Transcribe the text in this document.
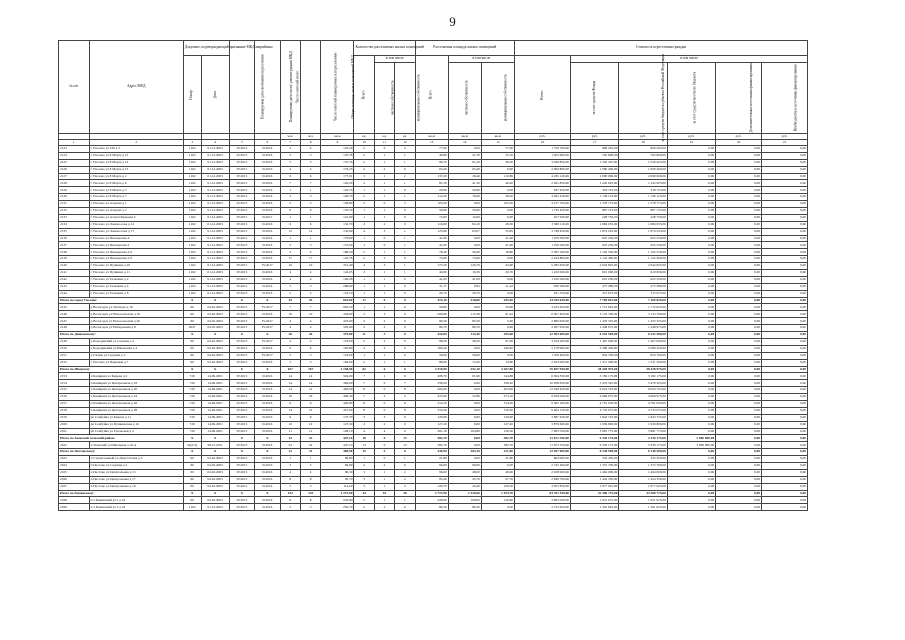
9
№ п/п	Адрес МКД	Документ, подтверждающий признание МКД аварийным		Планируемая дата окончания переселения	Планируемая дата сноса/ реконструкции МКД	Число жителей всего	Число жителей планируемых к переселению	Общая площадь жилых помещений МКД	Количество расселяемых жилых помещений			Расселяемая площадь жилых помещений			Стоимость переселения граждан					
		Номер	Дата						Всего	в том числе		Всего	в том числе		Всего:	в том числе				
										частная собственность	муниципальная собственность		частная собственность	муниципальная собственность		за счет средств Фонда	за счет средств бюджета субъекта Российской Федерации	за счет средств местного бюджета	Дополнительные источники финансирования	Внебюджетные источники финансирования
						чел.	чел.	кв.м	ед.	ед.	ед.	кв.м	кв.м	кв.м	руб.	руб.	руб.	руб.	руб.	руб.
1	2	3	4	5	6	7	8	9	10	11	12	13	14	15	16	17	18	19	20	21
2123	г Ухолово ул 230 в 3	1162	01.12.2003	IV.2015	II.2016	4	4	125,20	2	0	2	77,00	0,00	77,00	1 756 700,00	869 295,00	869 295,00	0,00	0,00	0,00
2124	г Ухолово ул 8 Марта д 15	1163	01.12.2003	IV.2015	II.2016	3	3	125,78	2	1	1	46,80	21,70	25,10	1 405 600,00	702 800,00	702 800,00	0,00	0,00	0,00
2125	г Ухолово ул 8 Марта д 12	1162	01.12.2003	IV.2015	II.2016	5	5	137,76	2	1	1	99,70	61,20	38,50	3 040 850,00	1 520 425,00	1 520 425,00	0,00	0,00	0,00
2126	г Ухолово ул 8 Марта д 13	1162	01.12.2003	IV.2015	II.2016	4	4	133,25	2	2	0	63,40	63,40	0,00	2 000 800,00	1 000 400,00	1 000 400,00	0,00	0,00	0,00
2127	г Ухолово ул 8 Марта д 2	1162	01.12.2003	IV.2015	II.2016	6	6	177,01	3	1	2	137,20	26,40	110,80	4 180 120,00	2 090 060,00	2 090 060,00	0,00	0,00	0,00
2128	г Ухолово ул 8 Марта д 6	1162	01.12.2003	IV.2015	II.2016	7	7	120,20	2	1	1	81,50	41,30	40,20	2 491 850,00	1 245 925,00	1 245 925,00	0,00	0,00	0,00
2129	г Ухолово ул 8 Марта д 5	1162	01.12.2003	IV.2015	II.2016	1	1	122,70	1	1	0	20,90	20,90	0,00	637 450,00	318 725,00	318 725,00	0,00	0,00	0,00
2130	г Ухолово ул 8 Марта д 7	1162	01.12.2003	IV.2015	II.2016	3	3	126,70	2	1	1	114,20	76,00	38,20	3 492 250,00	1 746 125,00	1 746 125,00	0,00	0,00	0,00
2131	г Ухолово ул Азарова д 1	1162	01.12.2003	IV.2015	II.2016	5	5	128,80	3	0	3	105,20	0,00	105,20	3 157 550,00	1 578 775,00	1 578 775,00	0,00	0,00	0,00
2132	г Ухолово ул Азарова д 2	1162	01.12.2003	IV.2015	II.2016	6	6	132,50	1	1	0	56,90	56,90	0,00	1 735 450,00	867 725,00	867 725,00	0,00	0,00	0,00
2133	г Ухолово ул Аллея Парковая 2	1162	01.12.2003	IV.2015	II.2017	1	1	121,00	1	1	0	15,00	15,00	0,00	457 500,00	228 750,00	228 750,00	0,00	0,00	0,00
2134	г Ухолово ул Ломоносова д 12	1162	01.12.2003	IV.2015	II.2016	6	6	132,70	2	2	0	110,60	84,10	26,50	3 368 110,00	1 684 055,00	1 684 055,00	0,00	0,00	0,00
2135	г Ухолово ул Ломоносова д 17	1162	01.12.2003	IV.2015	II.2016	12	12	132,90	4	3	1	125,90	63,07	55,85	3 748 450,00	1 874 225,00	1 874 225,00	0,00	0,00	0,00
2136	г Ухолово ул Пионерская 4	1162	01.12.2003	IV.2015	II.2016	1	1	179,60	1	0	1	41,00	0,00	41,00	1 250 500,00	625 250,00	625 250,00	0,00	0,00	0,00
2137	г Ухолово ул Пионерская 2	1162	01.12.2003	IV.2015	II.2016	3	3	131,00	1	0	1	41,00	0,00	41,00	1 250 500,00	625 250,00	625 250,00	0,00	0,00	0,00
2138	г Ухолово ул Пионерская д 6	1162	01.12.2003	IV.2015	II.2016	4	4	168,20	2	1	1	78,20	59,40	18,80	2 385 100,00	1 192 550,00	1 192 550,00	0,00	0,00	0,00
2139	г Ухолово ул Пионерская д 8	1162	01.12.2003	IV.2015	II.2016	17	17	122,78	2	2	0	73,60	73,60	0,00	2 244 800,00	1 122 400,00	1 122 400,00	0,00	0,00	0,00
2140	г Ухолово ул Пушкина д 20	1162	01.12.2003	IV.2015	IV.2017	10	10	451,40	4	3	1	173,30	129,70	43,60	5 285 650,00	2 642 825,00	2 642 825,00	0,00	0,00	0,00
2141	г Ухолово ул Пушкина д 11	1162	01.12.2003	IV.2015	II.2016	4	4	142,05	2	1	1	40,00	19,30	20,70	1 220 000,00	610 000,00	610 000,00	0,00	0,00	0,00
2142	г Ухолово ул Тельмана д 2	1162	01.12.2003	IV.2015	II.2016	4	4	126,28	1	1	0	41,00	41,00	0,00	1 250 500,00	625 250,00	625 250,00	0,00	0,00	0,00
2143	г Ухолово ул Тельмана д 4	1162	01.12.2003	IV.2015	II.2016	3	3	296,60	1	1	0	31,17	9,95	21,22	950 560,00	475 280,00	475 280,00	0,00	0,00	0,00
2144	г Ухолово ул Тельмана д 8	1162	01.12.2003	IV.2015	II.2016	2	2	125,10	1	1	0	20,70	20,70	0,00	631 350,00	315 675,00	315 675,00	0,00	0,00	0,00
Итого по город Ухолово:		X	X	X	X	35	35	823,60	17	0	0	474,10	218,60	255,50	14 355 030,00	7 769 815,00	7 169 825,00	0,00	0,00	0,00
2145	р Вологодск ул Заговора д 16	60	04.02.2003	IV.2015	IV.2017	7	7	903,20	1	1	0	50,80	0,00	50,80	3 425 650,00	1 712 825,00	1 712 825,00	0,00	0,00	0,00
2146	р Вологодск ул Новосельская д 16	60	04.02.2003	IV.2015	II.2016	10	10	434,60	3	3	0	206,80	115,38	91,42	6 307 400,00	3 153 700,00	3 153 700,00	0,00	0,00	0,00
2147	р Вологодск ул Новосельская д 20	60	04.02.2003	IV.2015	IV.2017	4	4	423,00	2	2	0	90,30	85,30	5,00	2 866 650,00	1 433 325,00	1 433 325,00	0,00	0,00	0,00
2148	р Вологодск ул Набережная д 8	2047	04.10.2003	IV.2015	IV.2017	4	4	505,90	2	2	0	80,70	80,70	0,00	2 497 950,00	1 248 975,00	1 248 975,00	0,00	0,00	0,00
Итого по Данковскому:		X	X	X	X	20	20	375,80	11	3	0	410,00	114,40	295,60	12 505 000,00	6 252 500,00	6 252 500,00	0,00	0,00	0,00
2149	р Бородинский ул Садовая д 2	60	04.02.2003	IV.2015	IV.2017	4	4	123,00	2	2	0	98,20	28,20	67,00	3 034 200,00	1 467 000,00	1 467 000,00	0,00	0,00	0,00
2150	р Бородинский ул Школьная д 4	60	04.02.2003	IV.2015	II.2016	6	6	165,80	4	4	0	169,40	0,00	169,40	5 178 900,00	2 589 450,00	2 589 450,00	0,00	0,00	0,00
2151	р Гагино ул Садовая д 3	60	04.02.2003	IV.2015	IV.2017	3	3	123,00	1	1	0	56,00	56,00	0,00	1 709 400,00	854 700,00	854 700,00	0,00	0,00	0,00
2152	г Ухолово ул Парковая д 7	60	04.02.2003	IV.2015	II.2016	3	3	194,00	2	1	1	86,00	72,20	13,80	2 623 000,00	1 311 500,00	1 311 500,00	0,00	0,00	0,00
Итого по Шацкому:		X	X	X	X	167	167	2 158,90	62	6	0	2 519,90	252,10	2 267,80	76 857 950,00	38 428 975,00	38 428 975,00	0,00	0,00	0,00
2153	п Каширин ул Кирова д 2	720	14.09.2001	IV.2015	II.2016	14	14	324,00	7	1	6	208,70	61,90	144,80	6 364 350,00	3 182 175,00	3 182 175,00	0,00	0,00	0,00
2154	п Каширин ул Центральная д 18	720	14.09.2001	IV.2015	II.2016	14	14	384,00	7	0	7	358,20	0,00	358,20	10 958 650,00	5 479 325,00	5 479 325,00	0,00	0,00	0,00
2155	п Каширин ул Центральная д 20	720	14.09.2001	IV.2015	II.2016	14	14	404,90	8	0	8	404,90	0,00	404,90	12 049 450,00	6 024 725,00	6 024 725,00	0,00	0,00	0,00
2156	п Каширин ул Центральная д 24	720	14.09.2001	IV.2015	II.2016	18	18	409,30	7	2	5	325,90	52,80	273,10	9 939 950,00	4 969 975,00	4 969 975,00	0,00	0,00	0,00
2157	п Каширин ул Центральная д 26	720	14.09.2001	IV.2015	II.2016	9	9	420,80	8	0	8	314,20	0,00	314,20	9 582 100,00	4 791 050,00	4 791 050,00	0,00	0,00	0,00
2158	п Каширин ул Центральная д 28	720	14.09.2001	IV.2015	II.2016	14	14	415,50	8	0	8	310,30	0,00	310,30	9 464 150,00	4 732 075,00	4 732 075,00	0,00	0,00	0,00
2159	рп Сенбуйка ул Кирова д 11	720	14.09.2001	IV.2015	II.2016	9	9	137,70	3	3	0	120,90	0,00	120,90	3 687 450,00	1 843 725,00	1 843 725,00	0,00	0,00	0,00
2160	рп Сенбуйка ул Пушкинская д 16	720	14.09.2001	IV.2015	II.2016	10	10	127,30	2	2	0	127,20	0,00	127,20	3 879 600,00	1 939 800,00	1 939 800,00	0,00	0,00	0,00
2161	рп Сенбуйка ул Уральская д 4	720	14.09.2001	IV.2015	II.2016	11	11	128,10	4	4	0	261,10	104,80	156,30	7 963 550,00	3 981 775,00	3 981 775,00	0,00	0,00	0,00
Итого по Заокский сельский район:		X	X	X	X	22	22	447,10	10	0	13	382,70	0,00	382,70	11 672 350,00	9 336 175,00	2 336 175,00	2 000 000,00	0,00	0,00
2162	п Заокский ул Школьная д 10-А	44(1/2)	09.12.2011	IV.2015	II.2016	22	22	447,10	13	0	13	382,70	0,00	382,70	11 672 350,00	9 336 175,00	5 336 175,00	3 006 000,00	0,00	0,00
Итого по Пестовскому:		X	X	X	X	21	21	460,90	15	5	0	430,90	204,10	221,80	12 297 000,00	6 148 500,00	6 148 500,00	0,00	0,00	0,00
2163	п Строительный ул Депутатская д 3	60	04.02.2003	IV.2015	II.2016	1	1	69,80	1	0	1	21,80	0,00	21,80	664 900,00	332 450,00	332 450,00	0,00	0,00	0,00
2164	п Пестово ул Садовая д 2	60	04.02.2003	IV.2015	II.2016	3	3	84,90	2	2	0	90,00	90,00	0,00	2 745 400,00	1 372 700,00	1 372 700,00	0,00	0,00	0,00
2165	п Пестово ул Центральная д 15	60	04.02.2003	IV.2015	II.2016	4	4	96,30	3	1	2	96,00	48,00	48,00	2 928 000,00	1 464 000,00	1 464 000,00	0,00	0,00	0,00
2166	п Пестово ул Центральная д 17	60	04.02.2003	IV.2015	II.2016	8	8	95,70	3	1	2	93,40	45,70	47,70	2 848 700,00	1 424 350,00	1 424 350,00	0,00	0,00	0,00
2167	п Пестово ул Центральная д 19	60	04.02.2003	IV.2015	II.2016	5	5	114,20	3	1	2	129,70	20,40	109,30	3 955 850,00	1 977 925,00	1 977 925,00	0,00	0,00	0,00
Итого по Каменскому:		X	X	X	X	142	142	3 272,90	44	16	28	2 773,90	1 320,60	1 453,70	84 761 550,00	42 380 775,00	42 380 775,00	0,00	0,00	0,00
2168	п 2 Каменский ул 2 д 16	60	04.02.2003	IV.2015	II.2016	8	8	245,90	2	1	1	228,60	108,00	120,60	3 863 950,00	1 931 975,00	1 931 975,00	0,00	0,00	0,00
2169	п 3 Каменский ул 3 д 16	1162	01.12.2003	IV.2015	II.2016	3	3	250,70	2	2	0	89,30	89,30	0,00	2 723 650,00	1 361 825,00	1 361 825,00	0,00	0,00	0,00
